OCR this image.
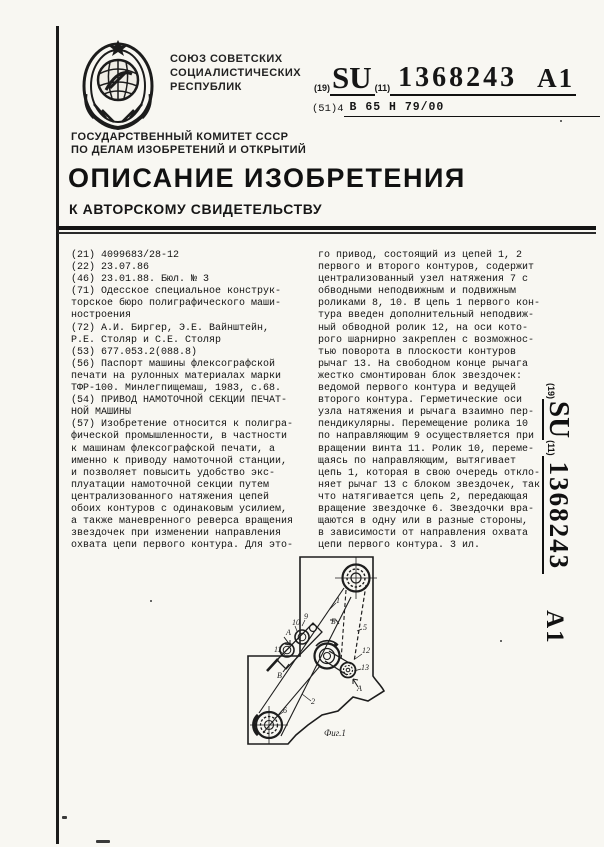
СОЮЗ СОВЕТСКИХ
СОЦИАЛИСТИЧЕСКИХ
РЕСПУБЛИК
ГОСУДАРСТВЕННЫЙ КОМИТЕТ СССР
ПО ДЕЛАМ ИЗОБРЕТЕНИЙ И ОТКРЫТИЙ
(19) SU (11) 1368243 A1
(51)4 B 65 H 79/00
ОПИСАНИЕ ИЗОБРЕТЕНИЯ
К АВТОРСКОМУ СВИДЕТЕЛЬСТВУ
(21) 4099683/28-12
(22) 23.07.86
(46) 23.01.88. Бюл. № 3
(71) Одесское специальное конструк-
торское бюро полиграфического маши-
ностроения
(72) А.И. Биргер, Э.Е. Вайнштейн,
Р.Е. Столяр и С.Е. Столяр
(53) 677.053.2(088.8)
(56) Паспорт машины флексографской
печати на рулонных материалах марки
ТФР-100. Минлегпищемаш, 1983, с.68.
(54) ПРИВОД НАМОТОЧНОЙ СЕКЦИИ ПЕЧАТ-
НОЙ МАШИНЫ
(57) Изобретение относится к полигра-
фической промышленности, в частности
к машинам флексографской печати, а
именно к приводу намоточной станции,
и позволяет повысить удобство экс-
плуатации намоточной секции путем
централизованного натяжения цепей
обоих контуров с одинаковым усилием,
а также маневренного реверса вращения
звездочек при изменении направления
охвата цепи первого контура. Для это-
го привод, состоящий из цепей 1, 2
первого и второго контуров, содержит
централизованный узел натяжения 7 с
обводными неподвижным и подвижным
роликами 8, 10. В цепь 1 первого кон-
тура введен дополнительный неподвиж-
ный обводной ролик 12, на оси кото-
рого шарнирно закреплен с возможнос-
тью поворота в плоскости контуров
рычаг 13. На свободном конце рычага
жестко смонтирован блок звездочек:
ведомой первого контура и ведущей
второго контура. Герметические оси
узла натяжения и рычага взаимно пер-
пендикулярны. Перемещение ролика 10
по направляющим 9 осуществляется при
вращении винта 11. Ролик 10, переме-
щаясь по направляющим, вытягивает
цепь 1, которая в свою очередь откло-
няет рычаг 13 с блоком звездочек, так
что натягивается цепь 2, передающая
вращение звездочке 6. Звездочки вра-
щаются в одну или в разные стороны,
в зависимости от направления охвата
цепи первого контура. 3 ил.
1
2
5
6
9
10
11	12
13
А
Б
В
А
Фиг.1
(19)
SU
(11)
1368243
A1
